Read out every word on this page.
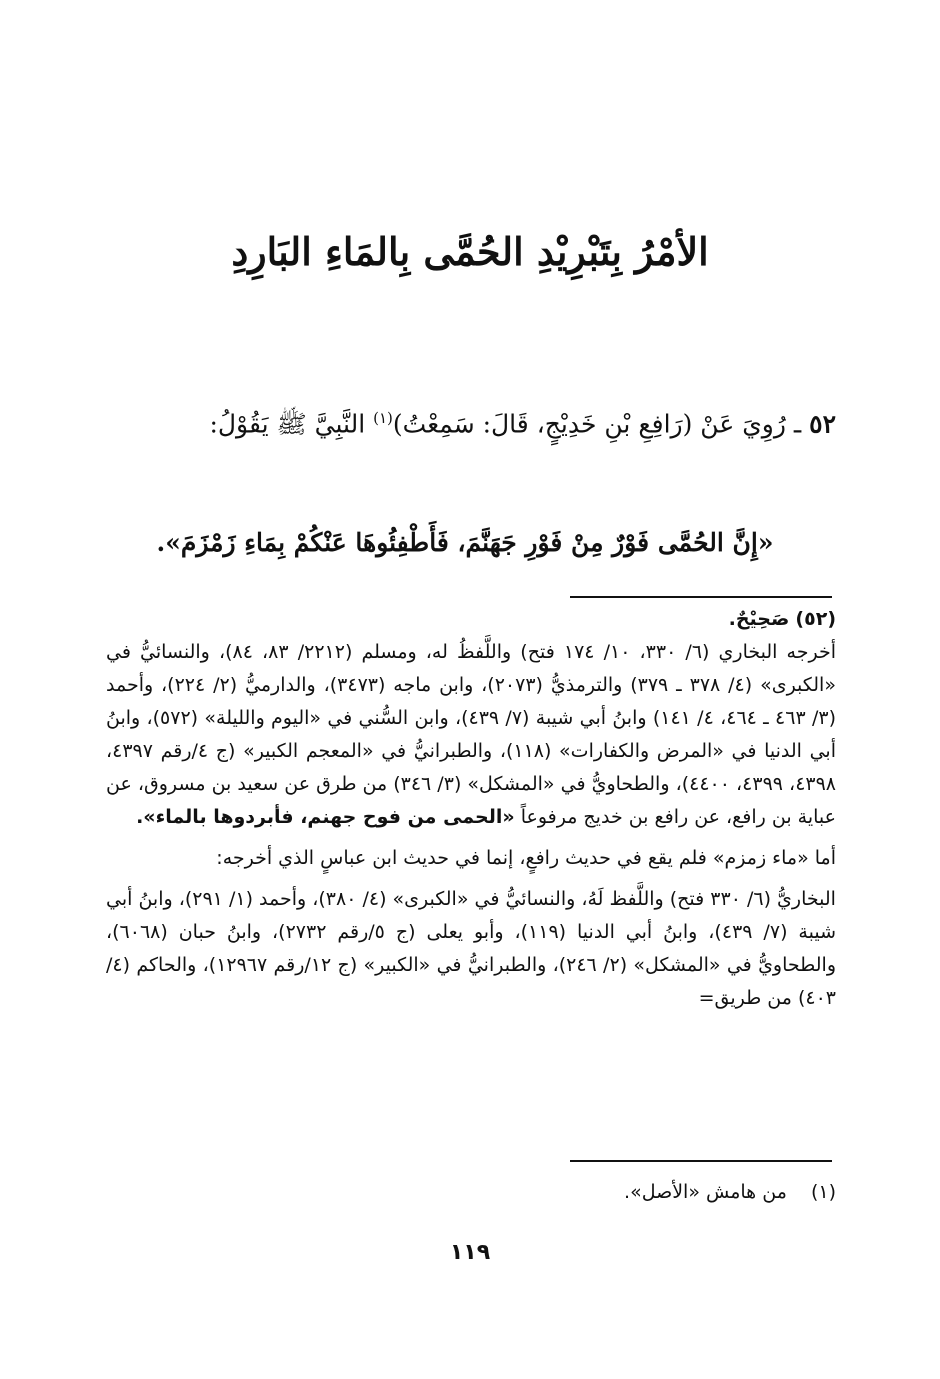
الأمْرُ بِتَبْرِيْدِ الحُمَّى بِالمَاءِ البَارِدِ
٥٢ ـ رُوِيَ عَنْ (رَافِعِ بْنِ خَدِيْجٍ، قَالَ: سَمِعْتُ)$^{(١)}$ النَّبِيَّ ﷺ يَقُوْلُ:
«إِنَّ الحُمَّى فَوْرٌ مِنْ فَوْرِ جَهَنَّمَ، فَأَطْفِئُوهَا عَنْكُمْ بِمَاءِ زَمْزَمَ».

(٥٢) صَحِيْحٌ.

أخرجه البخاري (٦/ ٣٣٠، ١٠/ ١٧٤ فتح) واللَّفظُ له، ومسلم (٢٢١٢/ ٨٣، ٨٤)، والنسائيُّ في «الكبرى» (٤/ ٣٧٨ ـ ٣٧٩) والترمذيُّ (٢٠٧٣)، وابن ماجه (٣٤٧٣)، والدارميُّ (٢/ ٢٢٤)، وأحمد (٣/ ٤٦٣ ـ ٤٦٤، ٤/ ١٤١) وابنُ أبي شيبة (٧/ ٤٣٩)، وابن السُّني في «اليوم والليلة» (٥٧٢)، وابنُ أبي الدنيا في «المرض والكفارات» (١١٨)، والطبرانيُّ في «المعجم الكبير» (ج ٤/رقم ٤٣٩٧، ٤٣٩٨، ٤٣٩٩، ٤٤٠٠)، والطحاويُّ في «المشكل» (٣/ ٣٤٦) من طرق عن سعيد بن مسروق، عن عباية بن رافع، عن رافع بن خديج مرفوعاً «الحمى من فوح جهنم، فأبردوها بالماء».

أما «ماء زمزم» فلم يقع في حديث رافعٍ، إنما في حديث ابن عباسٍ الذي أخرجه:

البخاريُّ (٦/ ٣٣٠ فتح) واللَّفظ لَهُ، والنسائيُّ في «الكبرى» (٤/ ٣٨٠)، وأحمد (١/ ٢٩١)، وابنُ أبي شيبة (٧/ ٤٣٩)، وابنُ أبي الدنيا (١١٩)، وأبو يعلى (ج ٥/رقم ٢٧٣٢)، وابنُ حبان (٦٠٦٨)، والطحاويُّ في «المشكل» (٢/ ٢٤٦)، والطبرانيُّ في «الكبير» (ج ١٢/رقم ١٢٩٦٧)، والحاكم (٤/ ٤٠٣) من طريق=

(١) من هامش «الأصل».
١١٩
